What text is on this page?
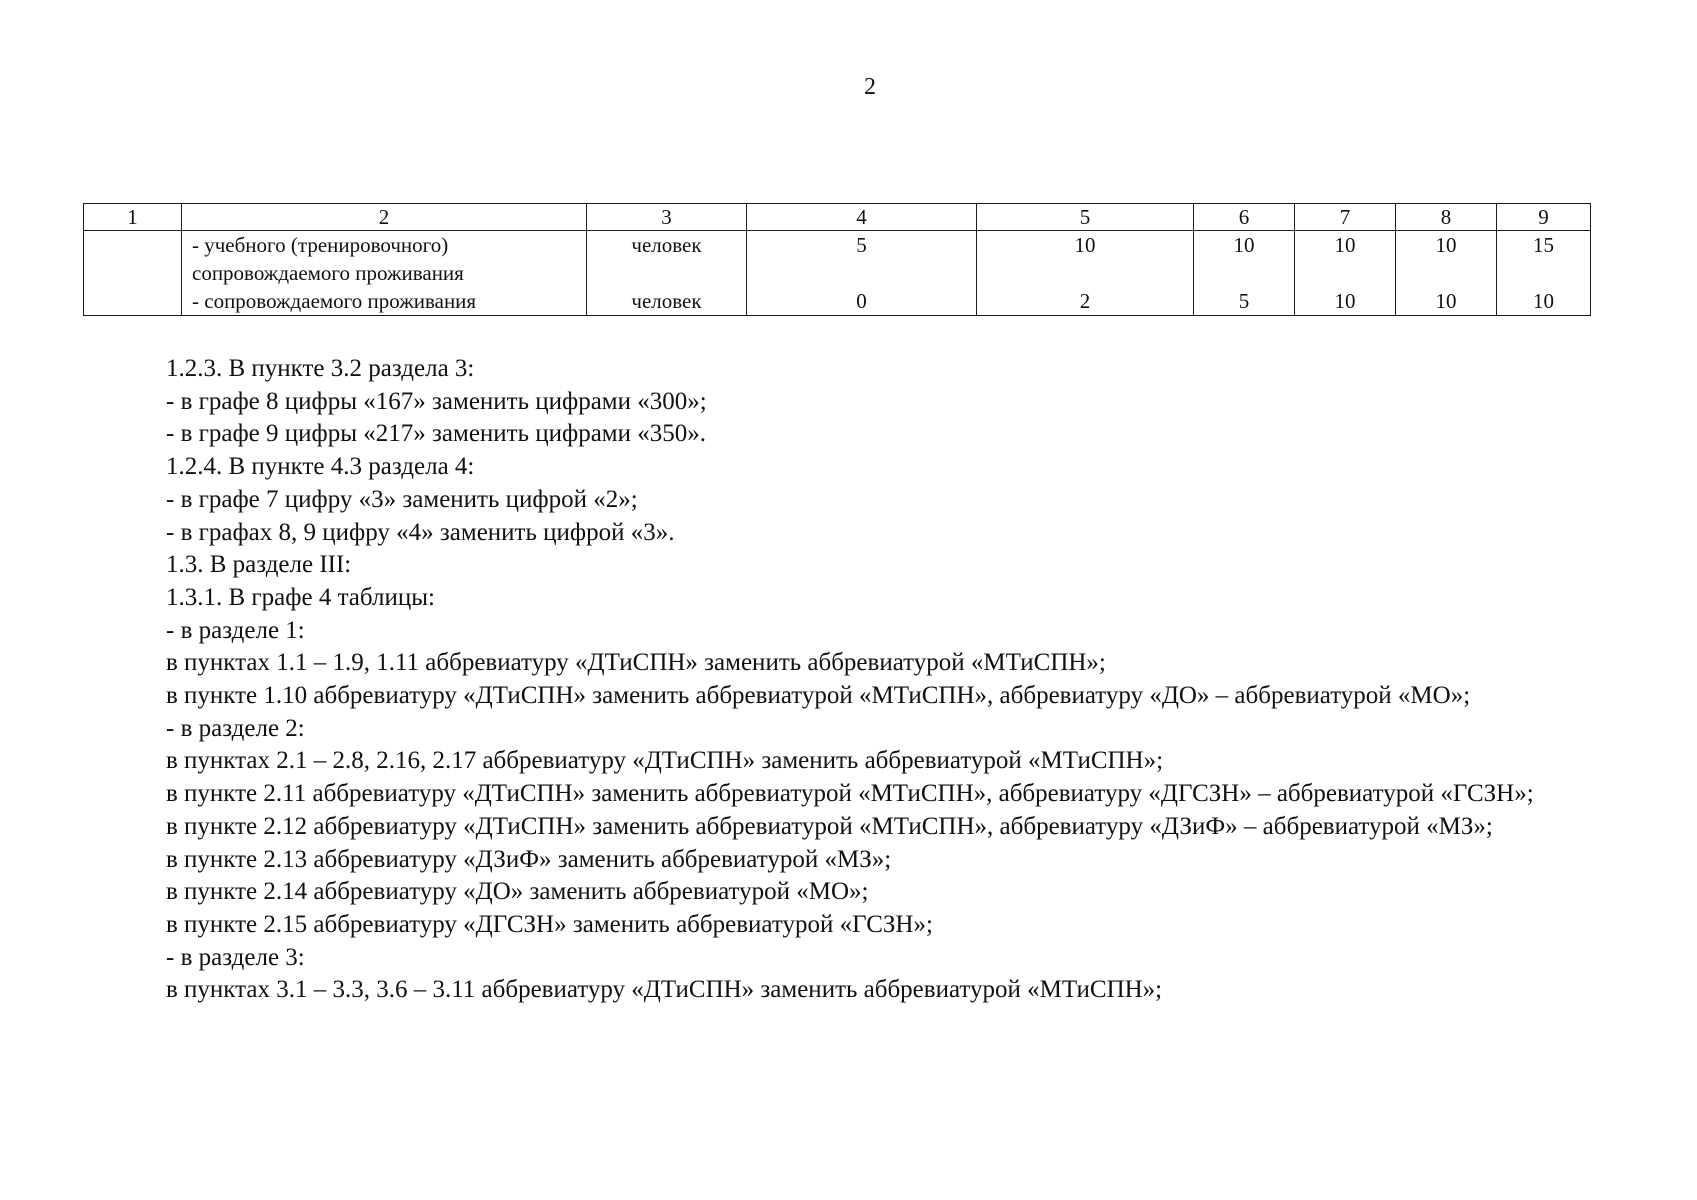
2
1	2	3	4	5	6	7	8	9

	- учебного (тренировочного)
сопровождаемого проживания	человек	5	10	10	10	10	15

	- сопровождаемого проживания	человек	0	2	5	10	10	10

1.2.3. В пункте 3.2 раздела 3:

- в графе 8 цифры «167» заменить цифрами «300»;

- в графе 9 цифры «217» заменить цифрами «350».

1.2.4. В пункте 4.3 раздела 4:

- в графе 7 цифру «3» заменить цифрой «2»;

- в графах 8, 9 цифру «4» заменить цифрой «3».

1.3. В разделе III:

1.3.1. В графе 4 таблицы:

- в разделе 1:

в пунктах 1.1 – 1.9, 1.11 аббревиатуру «ДТиСПН» заменить аббревиатурой «МТиСПН»;

в пункте 1.10 аббревиатуру «ДТиСПН» заменить аббревиатурой «МТиСПН», аббревиатуру «ДО» – аббревиатурой «МО»;

- в разделе 2:

в пунктах 2.1 – 2.8, 2.16, 2.17 аббревиатуру «ДТиСПН» заменить аббревиатурой «МТиСПН»;

в пункте 2.11 аббревиатуру «ДТиСПН» заменить аббревиатурой «МТиСПН», аббревиатуру «ДГСЗН» – аббревиатурой «ГСЗН»;

в пункте 2.12 аббревиатуру «ДТиСПН» заменить аббревиатурой «МТиСПН», аббревиатуру «ДЗиФ» – аббревиатурой «МЗ»;

в пункте 2.13 аббревиатуру «ДЗиФ» заменить аббревиатурой «МЗ»;

в пункте 2.14 аббревиатуру «ДО» заменить аббревиатурой «МО»;

в пункте 2.15 аббревиатуру «ДГСЗН» заменить аббревиатурой «ГСЗН»;

- в разделе 3:

в пунктах 3.1 – 3.3, 3.6 – 3.11 аббревиатуру «ДТиСПН» заменить аббревиатурой «МТиСПН»;
